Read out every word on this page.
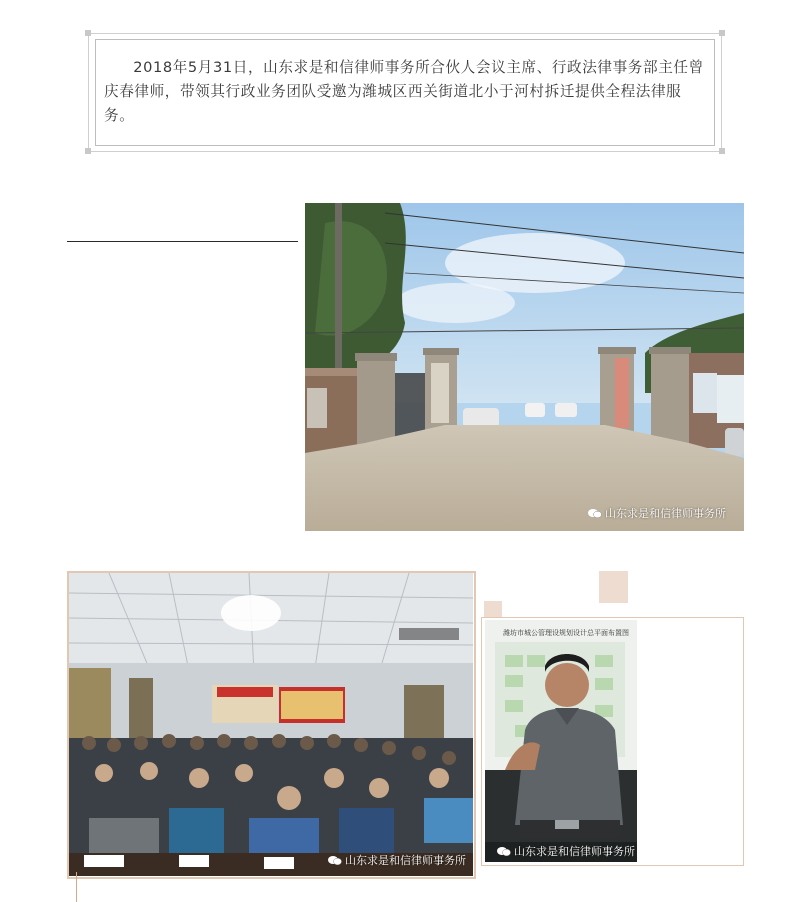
2018年5月31日，山东求是和信律师事务所合伙人会议主席、行政法律事务部主任曾庆春律师，带领其行政业务团队受邀为潍城区西关街道北小于河村拆迁提供全程法律服务。

山东求是和信律师事务所
山东求是和信律师事务所
潍坊市城公管理设规划设计总平面布置图
山东求是和信律师事务所
